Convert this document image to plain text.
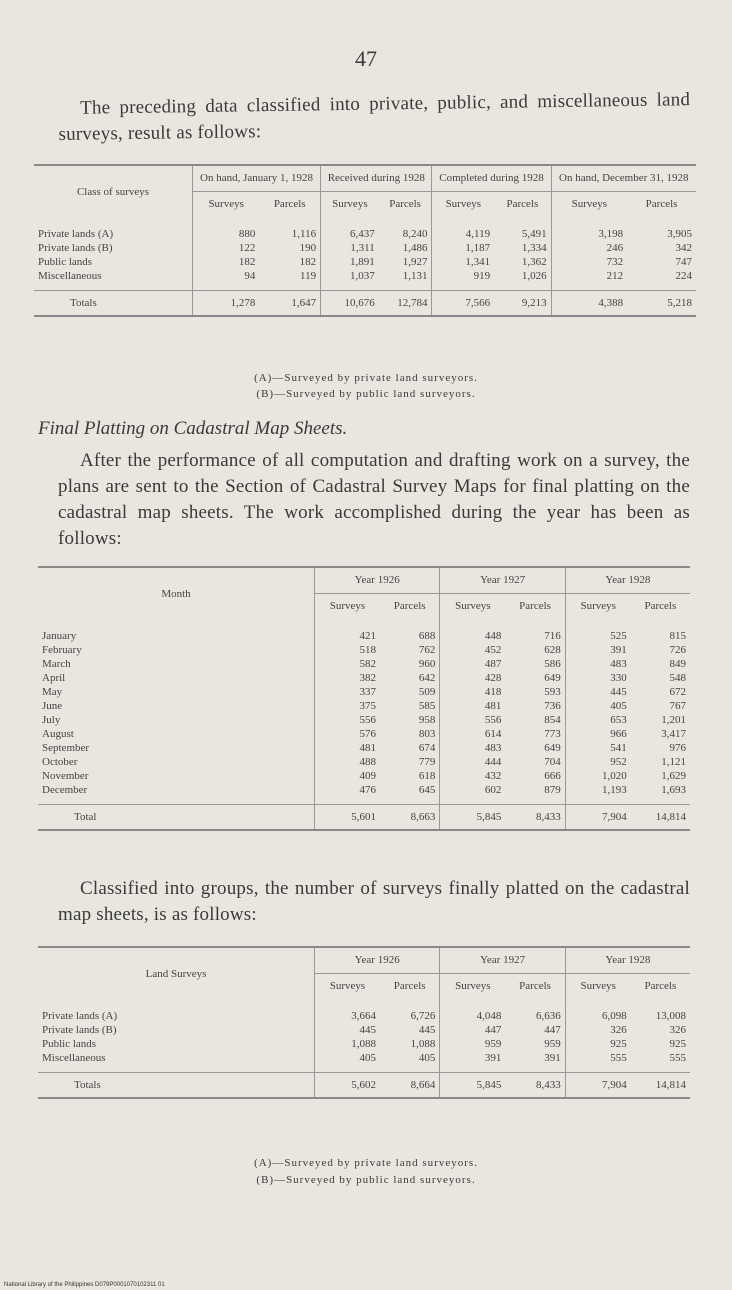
47
The preceding data classified into private, public, and miscellaneous land surveys, result as follows:
Class of surveys	On hand, January 1, 1928		Received during 1928		Completed during 1928		On hand, December 31, 1928	
	Surveys	Parcels	Surveys	Parcels	Surveys	Parcels	Surveys	Parcels
Private lands (A)	880	1,116	6,437	8,240	4,119	5,491	3,198	3,905
Private lands (B)	122	190	1,311	1,486	1,187	1,334	246	342
Public lands	182	182	1,891	1,927	1,341	1,362	732	747
Miscellaneous	94	119	1,037	1,131	919	1,026	212	224
Totals	1,278	1,647	10,676	12,784	7,566	9,213	4,388	5,218
(A)—Surveyed by private land surveyors.
(B)—Surveyed by public land surveyors.
Final Platting on Cadastral Map Sheets.
After the performance of all computation and drafting work on a survey, the plans are sent to the Section of Cadastral Survey Maps for final platting on the cadastral map sheets. The work accomplished during the year has been as follows:
Month	Year 1926		Year 1927		Year 1928	
	Surveys	Parcels	Surveys	Parcels	Surveys	Parcels
January	421	688	448	716	525	815
February	518	762	452	628	391	726
March	582	960	487	586	483	849
April	382	642	428	649	330	548
May	337	509	418	593	445	672
June	375	585	481	736	405	767
July	556	958	556	854	653	1,201
August	576	803	614	773	966	3,417
September	481	674	483	649	541	976
October	488	779	444	704	952	1,121
November	409	618	432	666	1,020	1,629
December	476	645	602	879	1,193	1,693
Total	5,601	8,663	5,845	8,433	7,904	14,814
Classified into groups, the number of surveys finally platted on the cadastral map sheets, is as follows:
Land Surveys	Year 1926		Year 1927		Year 1928	
	Surveys	Parcels	Surveys	Parcels	Surveys	Parcels
Private lands (A)	3,664	6,726	4,048	6,636	6,098	13,008
Private lands (B)	445	445	447	447	326	326
Public lands	1,088	1,088	959	959	925	925
Miscellaneous	405	405	391	391	555	555
Totals	5,602	8,664	5,845	8,433	7,904	14,814
(A)—Surveyed by private land surveyors.
(B)—Surveyed by public land surveyors.
National Library of the Philippines D079P0001070102311 01
